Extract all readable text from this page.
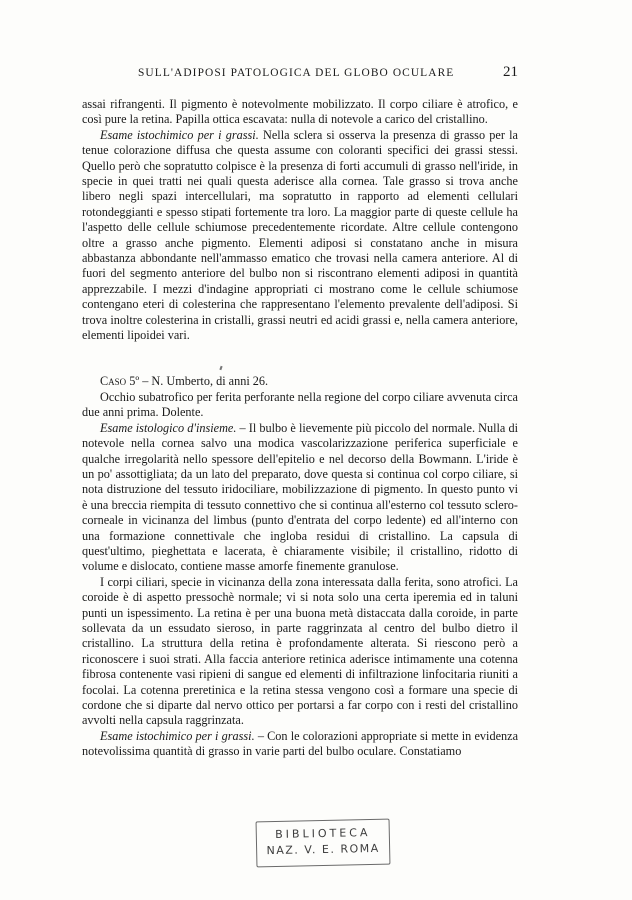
SULL'ADIPOSI PATOLOGICA DEL GLOBO OCULARE	21

assai rifrangenti. Il pigmento è notevolmente mobilizzato. Il corpo ciliare è atrofico, e così pure la retina. Papilla ottica escavata: nulla di notevole a carico del cristallino.

Esame istochimico per i grassi. Nella sclera si osserva la presenza di grasso per la tenue colorazione diffusa che questa assume con coloranti specifici dei grassi stessi. Quello però che sopratutto colpisce è la presenza di forti accumuli di grasso nell'iride, in specie in quei tratti nei quali questa aderisce alla cornea. Tale grasso si trova anche libero negli spazi intercellulari, ma sopratutto in rapporto ad elementi cellulari rotondeggianti e spesso stipati fortemente tra loro. La maggior parte di queste cellule ha l'aspetto delle cellule schiumose precedentemente ricordate. Altre cellule contengono oltre a grasso anche pigmento. Elementi adiposi si constatano anche in misura abbastanza abbondante nell'ammasso ematico che trovasi nella camera anteriore. Al di fuori del segmento anteriore del bulbo non si riscontrano elementi adiposi in quantità apprezzabile. I mezzi d'indagine appropriati ci mostrano come le cellule schiumose contengano eteri di colesterina che rappresentano l'elemento prevalente dell'adiposi. Si trova inoltre colesterina in cristalli, grassi neutri ed acidi grassi e, nella camera anteriore, elementi lipoidei vari.

Caso 5º – N. Umberto, di anni 26.

Occhio subatrofico per ferita perforante nella regione del corpo ciliare avvenuta circa due anni prima. Dolente.

Esame istologico d'insieme. – Il bulbo è lievemente più piccolo del normale. Nulla di notevole nella cornea salvo una modica vascolarizzazione periferica superficiale e qualche irregolarità nello spessore dell'epitelio e nel decorso della Bowmann. L'iride è un po' assottigliata; da un lato del preparato, dove questa si continua col corpo ciliare, si nota distruzione del tessuto iridociliare, mobilizzazione di pigmento. In questo punto vi è una breccia riempita di tessuto connettivo che si continua all'esterno col tessuto sclero-corneale in vicinanza del limbus (punto d'entrata del corpo ledente) ed all'interno con una formazione connettivale che ingloba residui di cristallino. La capsula di quest'ultimo, pieghettata e lacerata, è chiaramente visibile; il cristallino, ridotto di volume e dislocato, contiene masse amorfe finemente granulose.

I corpi ciliari, specie in vicinanza della zona interessata dalla ferita, sono atrofici. La coroide è di aspetto pressochè normale; vi si nota solo una certa iperemia ed in taluni punti un ispessimento. La retina è per una buona metà distaccata dalla coroide, in parte sollevata da un essudato sieroso, in parte raggrinzata al centro del bulbo dietro il cristallino. La struttura della retina è profondamente alterata. Si riescono però a riconoscere i suoi strati. Alla faccia anteriore retinica aderisce intimamente una cotenna fibrosa contenente vasi ripieni di sangue ed elementi di infiltrazione linfocitaria riuniti a focolai. La cotenna preretinica e la retina stessa vengono così a formare una specie di cordone che si diparte dal nervo ottico per portarsi a far corpo con i resti del cristallino avvolti nella capsula raggrinzata.

Esame istochimico per i grassi. – Con le colorazioni appropriate si mette in evidenza notevolissima quantità di grasso in varie parti del bulbo oculare. Constatiamo

BIBLIOTECA
NAZ. V. E. ROMA
